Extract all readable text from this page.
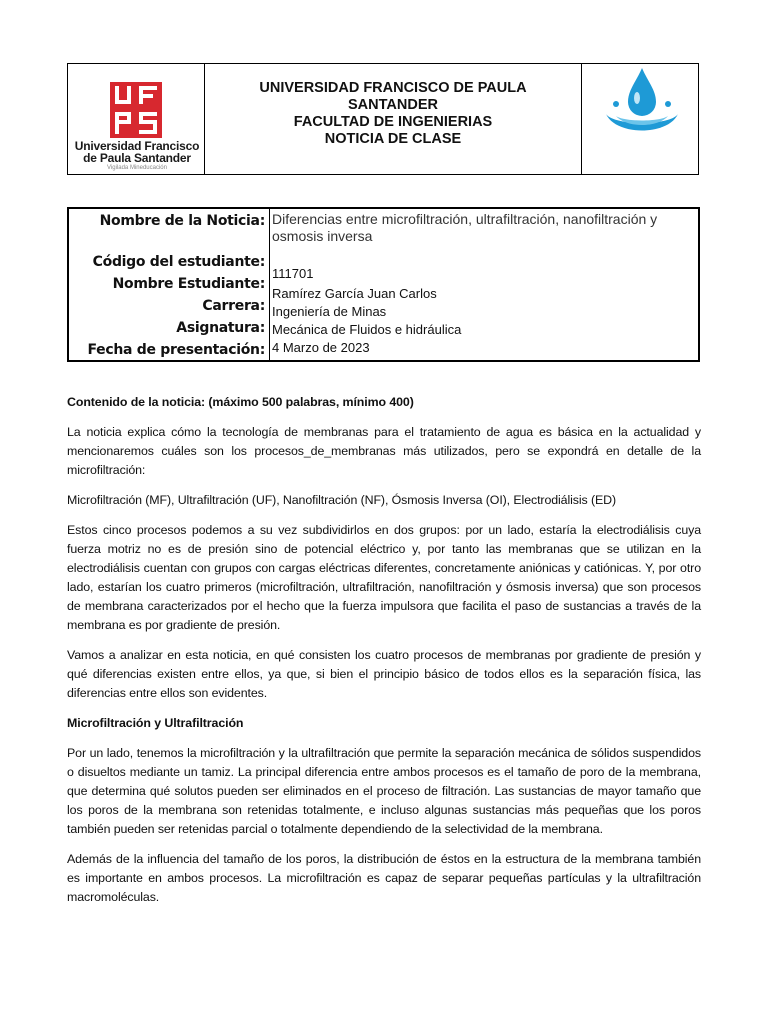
Universidad Francisco
de Paula Santander
Vigilada Mineducación
UNIVERSIDAD FRANCISCO DE PAULA
SANTANDER
FACULTAD DE INGENIERIAS
NOTICIA DE CLASE
Nombre de la Noticia:
Código del estudiante:
Nombre Estudiante:
Carrera:
Asignatura:
Fecha de presentación:
Diferencias entre microfiltración, ultrafiltración, nanofiltración y osmosis inversa
111701
Ramírez García Juan Carlos
Ingeniería de Minas
Mecánica de Fluidos e hidráulica
4 Marzo de 2023

Contenido de la noticia: (máximo 500 palabras, mínimo 400)

La noticia explica cómo la tecnología de membranas para el tratamiento de agua es básica en la actualidad y mencionaremos cuáles son los procesos_de_membranas más utilizados, pero se expondrá en detalle de la microfiltración:

Microfiltración (MF), Ultrafiltración (UF), Nanofiltración (NF), Ósmosis Inversa (OI), Electrodiálisis (ED)

Estos cinco procesos podemos a su vez subdividirlos en dos grupos: por un lado, estaría la electrodiálisis cuya fuerza motriz no es de presión sino de potencial eléctrico y, por tanto las membranas que se utilizan en la electrodiálisis cuentan con grupos con cargas eléctricas diferentes, concretamente aniónicas y catiónicas. Y, por otro lado, estarían los cuatro primeros (microfiltración, ultrafiltración, nanofiltración y ósmosis inversa) que son procesos de membrana caracterizados por el hecho que la fuerza impulsora que facilita el paso de sustancias a través de la membrana es por gradiente de presión.

Vamos a analizar en esta noticia, en qué consisten los cuatro procesos de membranas por gradiente de presión y qué diferencias existen entre ellos, ya que, si bien el principio básico de todos ellos es la separación física, las diferencias entre ellos son evidentes.

Microfiltración y Ultrafiltración

Por un lado, tenemos la microfiltración y la ultrafiltración que permite la separación mecánica de sólidos suspendidos o disueltos mediante un tamiz. La principal diferencia entre ambos procesos es el tamaño de poro de la membrana, que determina qué solutos pueden ser eliminados en el proceso de filtración. Las sustancias de mayor tamaño que los poros de la membrana son retenidas totalmente, e incluso algunas sustancias más pequeñas que los poros también pueden ser retenidas parcial o totalmente dependiendo de la selectividad de la membrana.

Además de la influencia del tamaño de los poros, la distribución de éstos en la estructura de la membrana también es importante en ambos procesos. La microfiltración es capaz de separar pequeñas partículas y la ultrafiltración macromoléculas.
